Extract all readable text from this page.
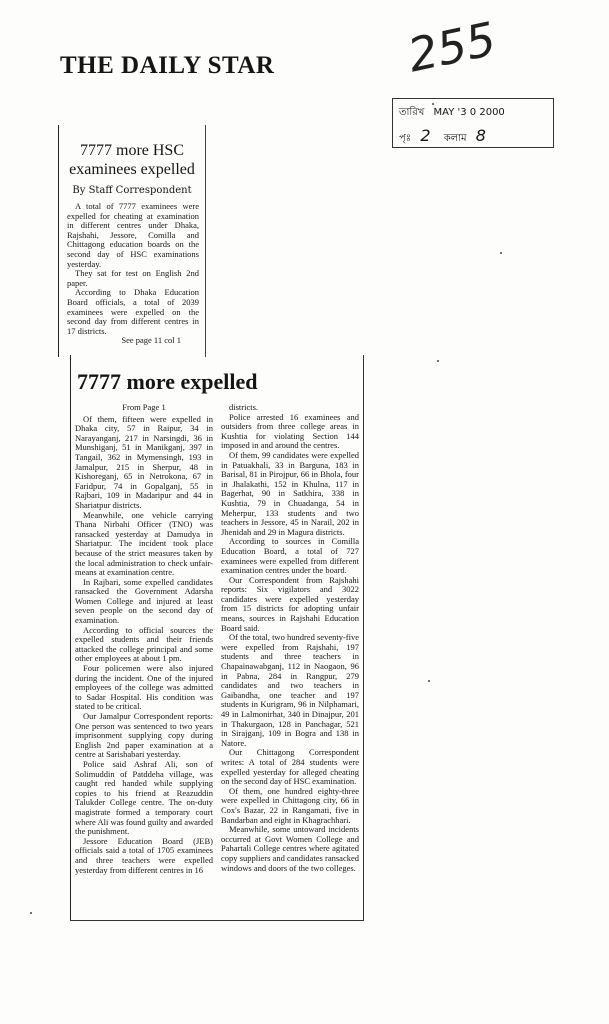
THE DAILY STAR	255
তারিখ MAY '3 0 2000
পৃঃ 2 কলাম 8
7777 more HSC examinees expelled
By Staff Correspondent

A total of 7777 examinees were expelled for cheating at examination in different centres under Dhaka, Rajshahi, Jessore, Comilla and Chittagong education boards on the second day of HSC examinations yesterday.

They sat for test on English 2nd paper.

According to Dhaka Education Board officials, a total of 2039 examinees were expelled on the second day from different centres in 17 districts.

See page 11 col 1

7777 more expelled
From Page 1

Of them, fifteen were expelled in Dhaka city, 57 in Raipur, 34 in Narayanganj, 217 in Narsingdi, 36 in Munshiganj, 51 in Manikganj, 397 in Tangail, 362 in Mymensingh, 193 in Jamalpur, 215 in Sherpur, 48 in Kishoreganj, 65 in Netrokona, 67 in Faridpur, 74 in Gopalganj, 55 in Rajbari, 109 in Madaripur and 44 in Shariatpur districts.

Meanwhile, one vehicle carrying Thana Nirbahi Officer (TNO) was ransacked yesterday at Damudya in Shariatpur. The incident took place because of the strict measures taken by the local administration to check unfair-means at examination centre.

In Rajbari, some expelled candidates ransacked the Government Adarsha Women College and injured at least seven people on the second day of examination.

According to official sources the expelled students and their friends attacked the college principal and some other employees at about 1 pm.

Four policemen were also injured during the incident. One of the injured employees of the college was admitted to Sadar Hospital. His condition was stated to be critical.

Our Jamalpur Correspondent reports: One person was sentenced to two years imprisonment supplying copy during English 2nd paper examination at a centre at Sarishabari yesterday.

Police said Ashraf Ali, son of Solimuddin of Patddeha village, was caught red handed while supplying copies to his friend at Reazuddin Talukder College centre. The on-duty magistrate formed a temporary court where Ali was found guilty and awarded the punishment.

Jessore Education Board (JEB) officials said a total of 1705 examinees and three teachers were expelled yesterday from different centres in 16

districts.

Police arrested 16 examinees and outsiders from three college areas in Kushtia for violating Section 144 imposed in and around the centres.

Of them, 99 candidates were expelled in Patuakhali, 33 in Barguna, 183 in Barisal, 81 in Pirojpur, 66 in Bhola, four in Jhalakathi, 152 in Khulna, 117 in Bagerhat, 90 in Satkhira, 338 in Kushtia, 79 in Chuadanga, 54 in Meherpur, 133 students and two teachers in Jessore, 45 in Narail, 202 in Jhenidah and 29 in Magura districts.

According to sources in Comilla Education Board, a total of 727 examinees were expelled from different examination centres under the board.

Our Correspondent from Rajshahi reports: Six vigilators and 3022 candidates were expelled yesterday from 15 districts for adopting unfair means, sources in Rajshahi Education Board said.

Of the total, two hundred seventy-five were expelled from Rajshahi, 197 students and three teachers in Chapainawabganj, 112 in Naogaon, 96 in Pabna, 284 in Rangpur, 279 candidates and two teachers in Gaibandha, one teacher and 197 students in Kurigram, 96 in Nilphamari, 49 in Lalmonirhat, 340 in Dinajpur, 201 in Thakurgaon, 128 in Panchagar, 521 in Sirajganj, 109 in Bogra and 138 in Natore.

Our Chittagong Correspondent writes: A total of 284 students were expelled yesterday for alleged cheating on the second day of HSC examination.

Of them, one hundred eighty-three were expelled in Chittagong city, 66 in Cox's Bazar, 22 in Rangamati, five in Bandarban and eight in Khagrachhari.

Meanwhile, some untoward incidents occurred at Govt Women College and Pahartali College centres where agitated copy suppliers and candidates ransacked windows and doors of the two colleges.
